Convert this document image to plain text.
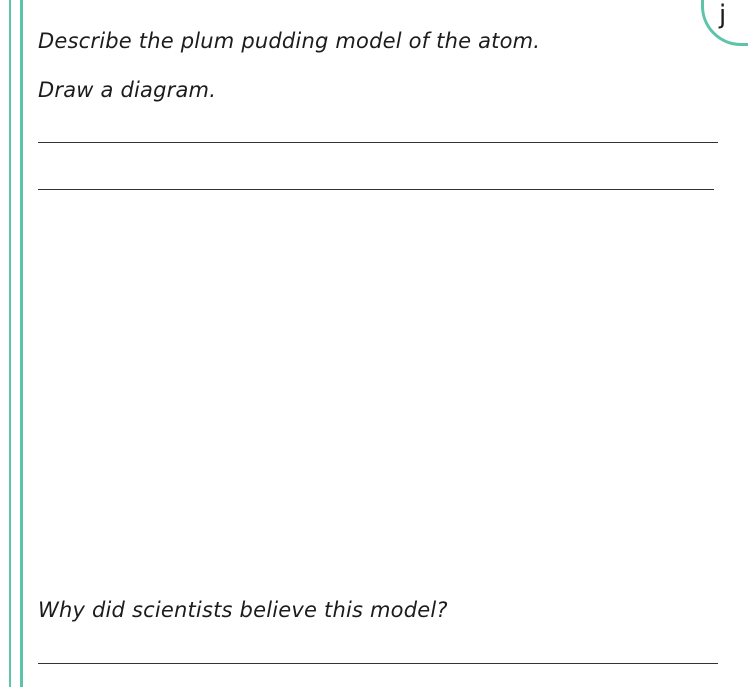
j
Describe the plum pudding model of the atom.
Draw a diagram.
Why did scientists believe this model?
